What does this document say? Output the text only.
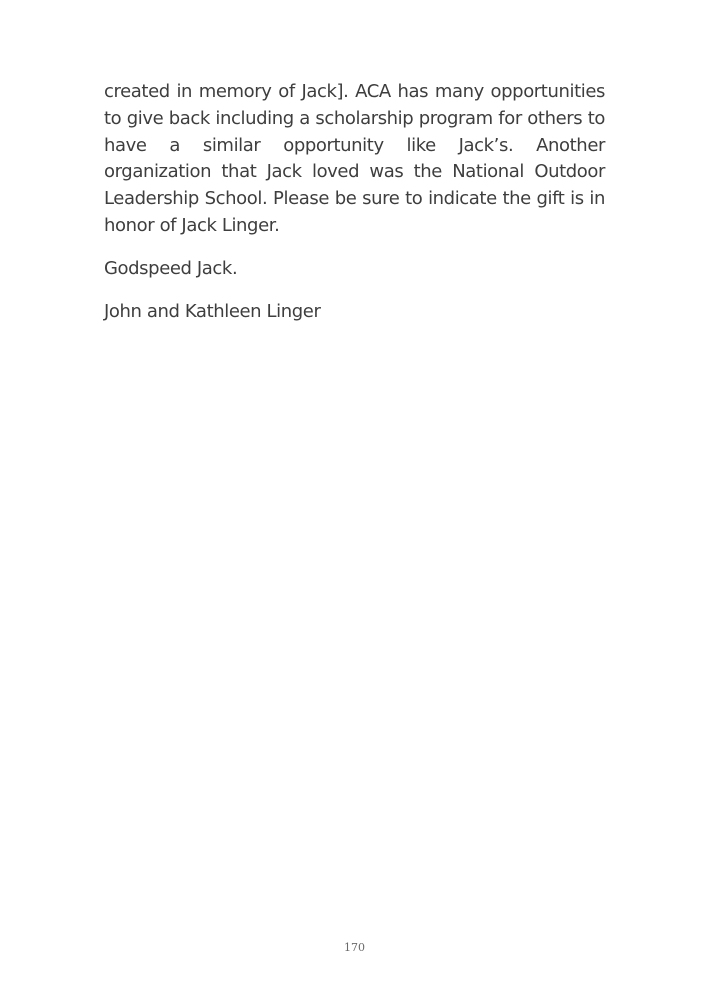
created in memory of Jack]. ACA has many opportunities to give back including a scholarship program for others to have a similar opportunity like Jack’s. Another organization that Jack loved was the National Outdoor Leadership School. Please be sure to indicate the gift is in honor of Jack Linger.

Godspeed Jack.

John and Kathleen Linger

170
